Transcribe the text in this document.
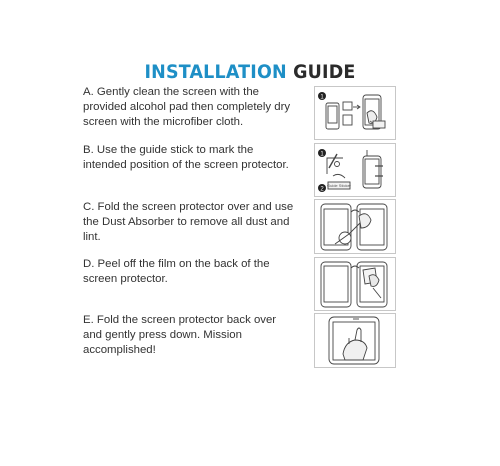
INSTALLATION GUIDE
A. Gently clean the screen with the provided alcohol pad then completely dry screen with the microfiber cloth.
B. Use the guide stick to mark the intended position of the screen protector.
C. Fold the screen protector over and use the Dust Absorber to remove all dust and lint.
D. Peel off the film on the back of the screen protector.
E. Fold the screen protector back over and gently press down. Mission accomplished!
1
1
2
Guide Sticker
